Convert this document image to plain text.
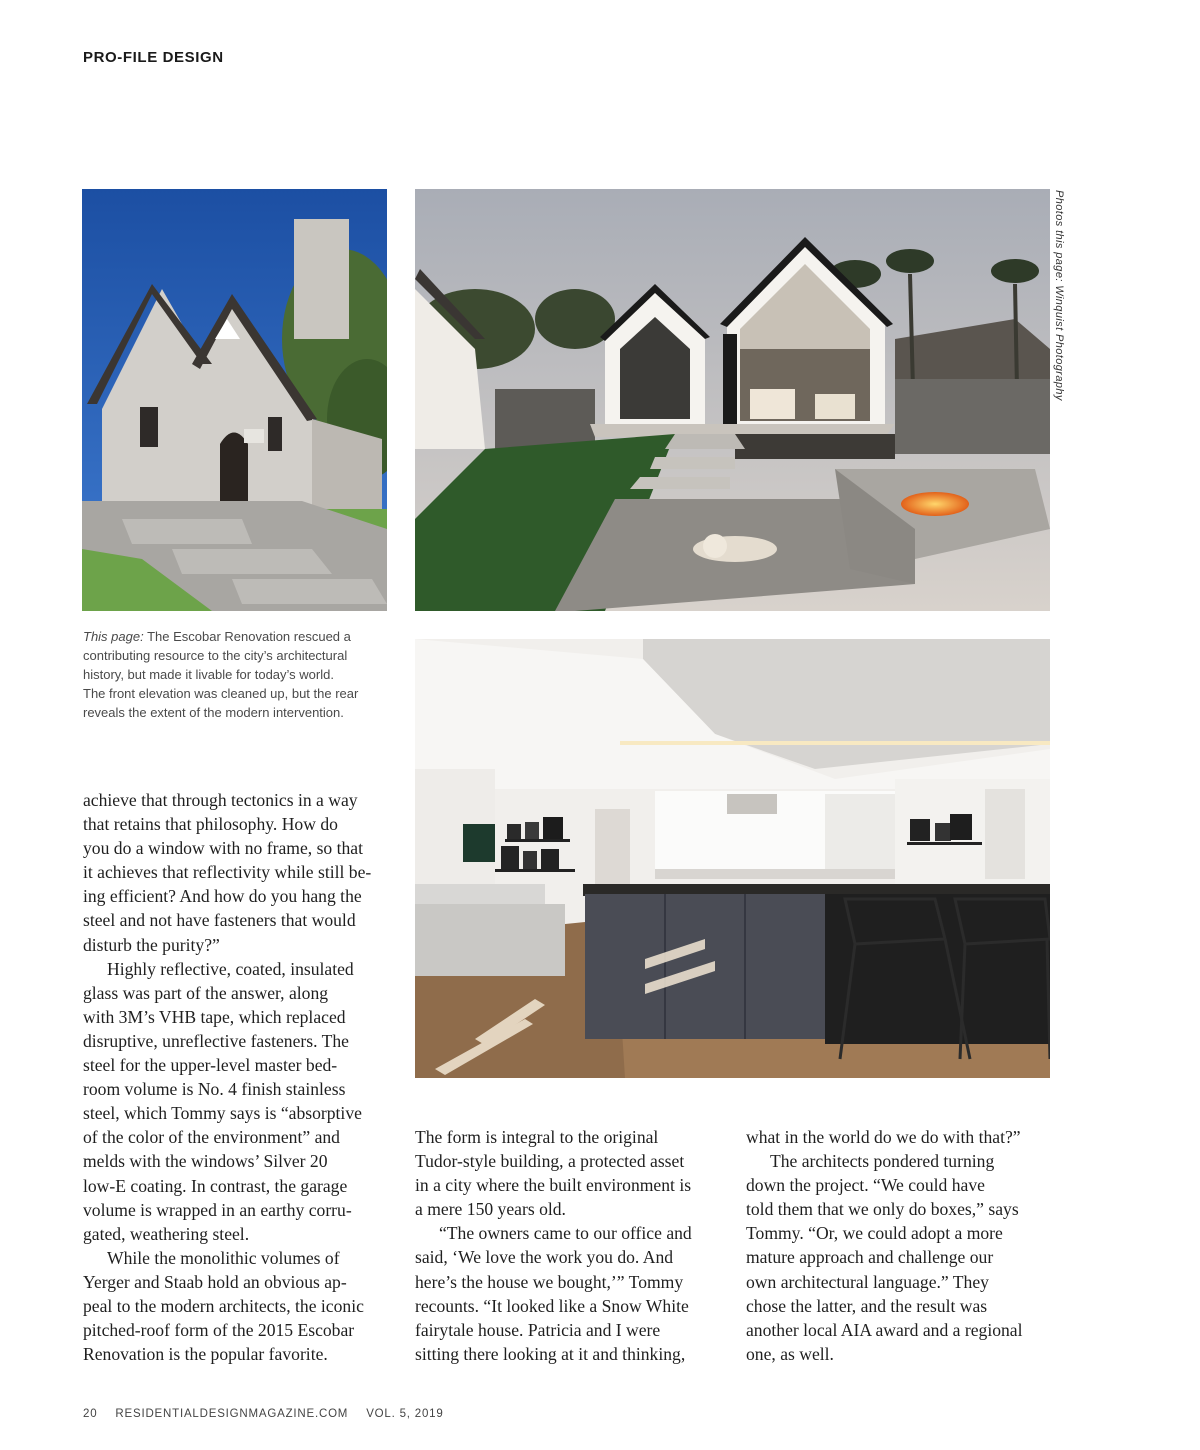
PRO-FILE DESIGN
Photos this page: Winquist Photography
This page: The Escobar Renovation rescued a
contributing resource to the city’s architectural
history, but made it livable for today’s world.
The front elevation was cleaned up, but the rear
reveals the extent of the modern intervention.

achieve that through tectonics in a way
that retains that philosophy. How do
you do a window with no frame, so that
it achieves that reflectivity while still be-
ing efficient? And how do you hang the
steel and not have fasteners that would
disturb the purity?”

Highly reflective, coated, insulated
glass was part of the answer, along
with 3M’s VHB tape, which replaced
disruptive, unreflective fasteners. The
steel for the upper-level master bed-
room volume is No. 4 finish stainless
steel, which Tommy says is “absorptive
of the color of the environment” and
melds with the windows’ Silver 20
low-E coating. In contrast, the garage
volume is wrapped in an earthy corru-
gated, weathering steel.

While the monolithic volumes of
Yerger and Staab hold an obvious ap-
peal to the modern architects, the iconic
pitched-roof form of the 2015 Escobar
Renovation is the popular favorite.

The form is integral to the original
Tudor-style building, a protected asset
in a city where the built environment is
a mere 150 years old.

“The owners came to our office and
said, ‘We love the work you do. And
here’s the house we bought,’” Tommy
recounts. “It looked like a Snow White
fairytale house. Patricia and I were
sitting there looking at it and thinking,

what in the world do we do with that?”

The architects pondered turning
down the project. “We could have
told them that we only do boxes,” says
Tommy. “Or, we could adopt a more
mature approach and challenge our
own architectural language.” They
chose the latter, and the result was
another local AIA award and a regional
one, as well.

20 RESIDENTIALDESIGNMAGAZINE.COM VOL. 5, 2019
